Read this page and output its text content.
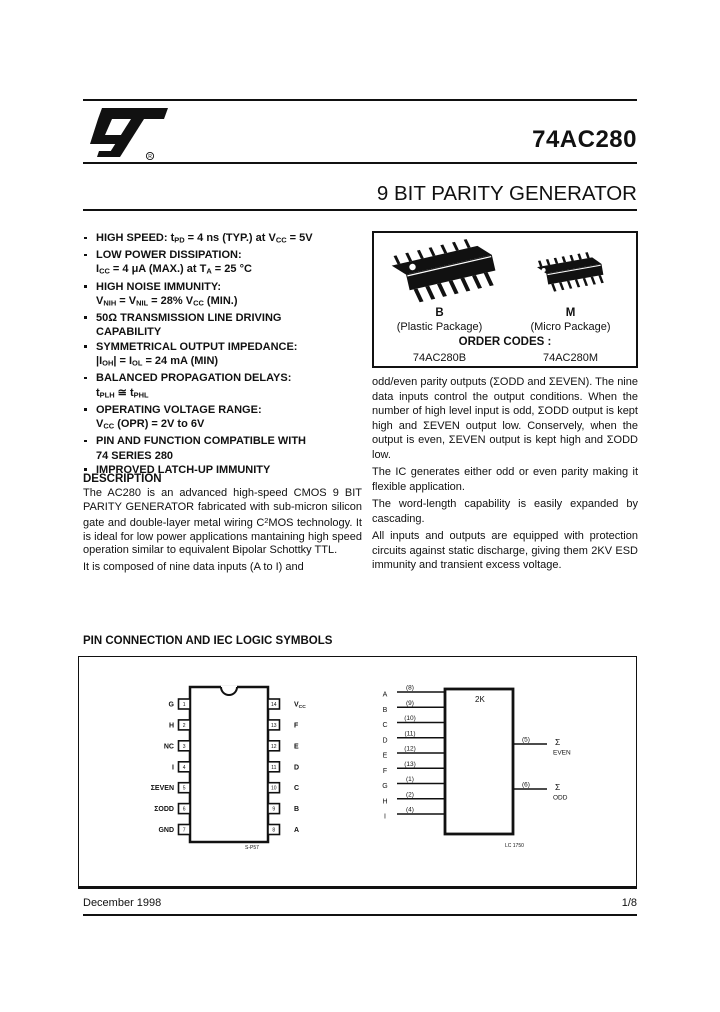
R
74AC280
9 BIT PARITY GENERATOR
HIGH SPEED: $t_{PD} = 4$ ns (TYP.) at $V_{CC} = 5V$
LOW POWER DISSIPATION:
$I_{CC} = 4$ μA (MAX.) at $T_A = 25$ °C
HIGH NOISE IMMUNITY:
$V_{NIH} = V_{NIL} = 28\%$ $V_{CC}$ (MIN.)
50Ω TRANSMISSION LINE DRIVING
CAPABILITY
SYMMETRICAL OUTPUT IMPEDANCE:
$|I_{OH}| = I_{OL} = 24$ mA (MIN)
BALANCED PROPAGATION DELAYS:
$t_{PLH}$ ≅ $t_{PHL}$
OPERATING VOLTAGE RANGE:
$V_{CC}$ (OPR) = 2V to 6V
PIN AND FUNCTION COMPATIBLE WITH
74 SERIES 280
IMPROVED LATCH-UP IMMUNITY
B	M
(Plastic Package)	(Micro Package)
ORDER CODES :
74AC280B	74AC280M

odd/even parity outputs (ΣODD and ΣEVEN). The nine data inputs control the output conditions. When the number of high level input is odd, ΣODD output is kept high and ΣEVEN output low. Conservely, when the output is even, ΣEVEN output is kept high and ΣODD low.

The IC generates either odd or even parity making it flexible application.

The word-length capability is easily expanded by cascading.

All inputs and outputs are equipped with protection circuits against static discharge, giving them 2KV ESD immunity and transient excess voltage.

DESCRIPTION

The AC280 is an advanced high-speed CMOS 9 BIT PARITY GENERATOR fabricated with sub-micron silicon gate and double-layer metal wiring $C^2MOS$ technology. It is ideal for low power applications mantaining high speed operation similar to equivalent Bipolar Schottky TTL.

It is composed of nine data inputs (A to I) and

PIN CONNECTION AND IEC LOGIC SYMBOLS
1
G
2
H
3
NC
4
I
5
ΣEVEN
6
ΣODD
7
GND
14 $V_{CC}$
13 F
12 E
11	D
10 C
9	B
8	A
S-P57
2K
A
(8)
B
(9)
C
(10)
D
(11)
E
(12)
F
(13)
G
(1)
H
(2)
I
(4)
(5)	Σ
EVEN
(6)	Σ
ODD
LC 1750
December 1998	1/8
